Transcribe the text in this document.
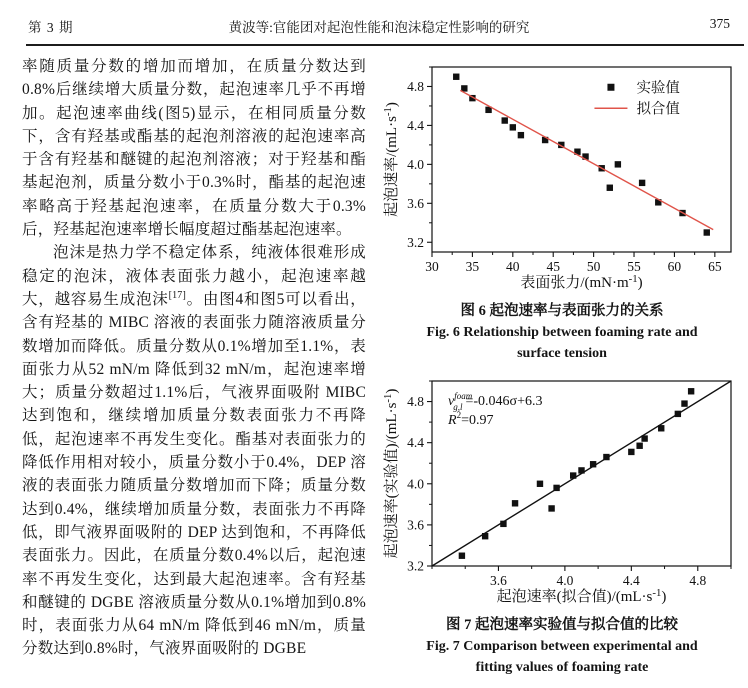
第 3 期	黄波等:官能团对起泡性能和泡沫稳定性影响的研究	375

率随质量分数的增加而增加，在质量分数达到0.8%后继续增大质量分数，起泡速率几乎不再增加。起泡速率曲线(图5)显示，在相同质量分数下，含有羟基或酯基的起泡剂溶液的起泡速率高于含有羟基和醚键的起泡剂溶液；对于羟基和酯基起泡剂，质量分数小于0.3%时，酯基的起泡速率略高于羟基起泡速率，在质量分数大于0.3%后，羟基起泡速率增长幅度超过酯基起泡速率。

泡沫是热力学不稳定体系，纯液体很难形成稳定的泡沫，液体表面张力越小，起泡速率越大，越容易生成泡沫[17]。由图4和图5可以看出，含有羟基的 MIBC 溶液的表面张力随溶液质量分数增加而降低。质量分数从0.1%增加至1.1%，表面张力从52 mN/m 降低到32 mN/m，起泡速率增大；质量分数超过1.1%后，气液界面吸附 MIBC 达到饱和，继续增加质量分数表面张力不再降低，起泡速率不再发生变化。酯基对表面张力的降低作用相对较小，质量分数小于0.4%，DEP 溶液的表面张力随质量分数增加而下降；质量分数达到0.4%，继续增加质量分数，表面张力不再降低，即气液界面吸附的 DEP 达到饱和，不再降低表面张力。因此，在质量分数0.4%以后，起泡速率不再发生变化，达到最大起泡速率。含有羟基和醚键的 DGBE 溶液质量分数从0.1%增加到0.8%时，表面张力从64 mN/m 降低到46 mN/m，质量分数达到0.8%时，气液界面吸附的 DGBE

30 35 40 45 50 55 60 65
3.2
3.6
4.0
4.4
4.8
表面张力$/(mN\cdot m^{-1})$
起泡速率$/(mL\cdot s^{-1})$
实验值
拟合值
图 6 起泡速率与表面张力的关系
Fig. 6 Relationship between foaming rate and
surface tension
3.6	4.0	4.4	4.8
3.2
3.6
4.0
4.4
4.8
起泡速率(拟合值)$/(mL\cdot s^{-1})$
起泡速率(实验值)$/(mL\cdot s^{-1})$
$v^{foam}$ g,l =-0.046σ+6.3
$R^2=0.97$
图 7 起泡速率实验值与拟合值的比较
Fig. 7 Comparison between experimental and
fitting values of foaming rate
